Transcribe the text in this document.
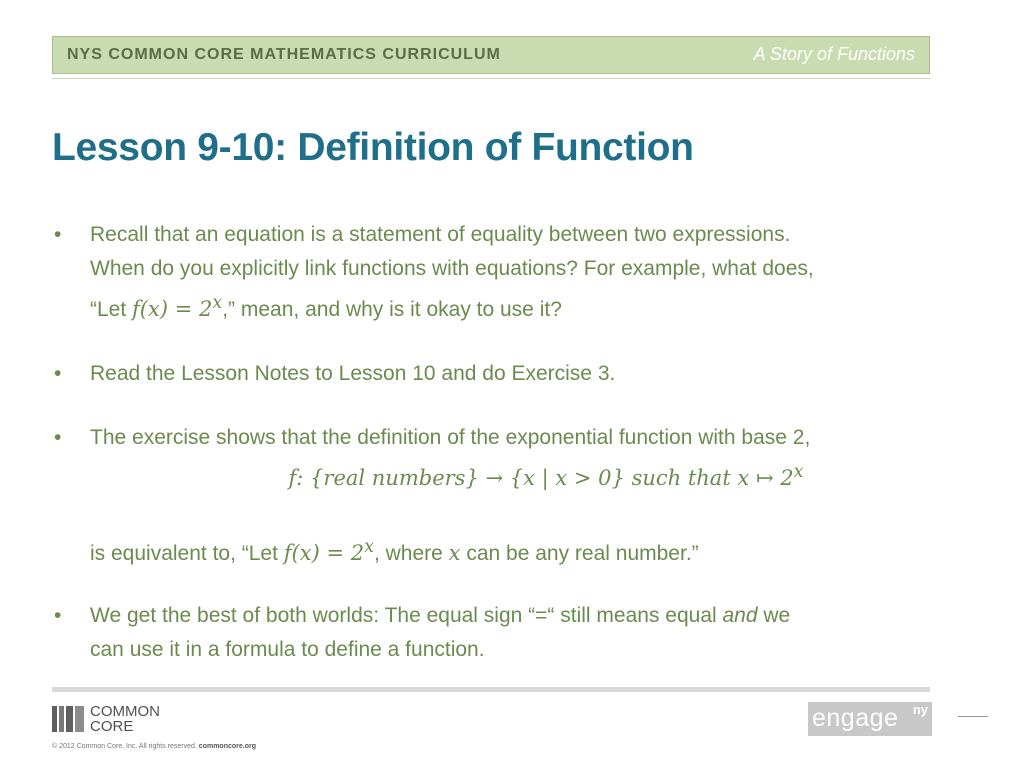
NYS COMMON CORE MATHEMATICS CURRICULUM	A Story of Functions
Lesson 9-10: Definition of Function
• Recall that an equation is a statement of equality between two expressions.
When do you explicitly link functions with equations? For example, what does,
“Let $f(x) = 2^x$,” mean, and why is it okay to use it?
• Read the Lesson Notes to Lesson 10 and do Exercise 3.
• The exercise shows that the definition of the exponential function with base 2,
f: {real numbers} → {x | x > 0} such that x ↦ 2$^x$
is equivalent to, “Let $f(x) = 2^x$, where x can be any real number.”
• We get the best of both worlds: The equal sign “=“ still means equal and we
can use it in a formula to define a function.
COMMON
CORE
© 2012 Common Core, Inc. All rights reserved. commoncore.org
engage ny
